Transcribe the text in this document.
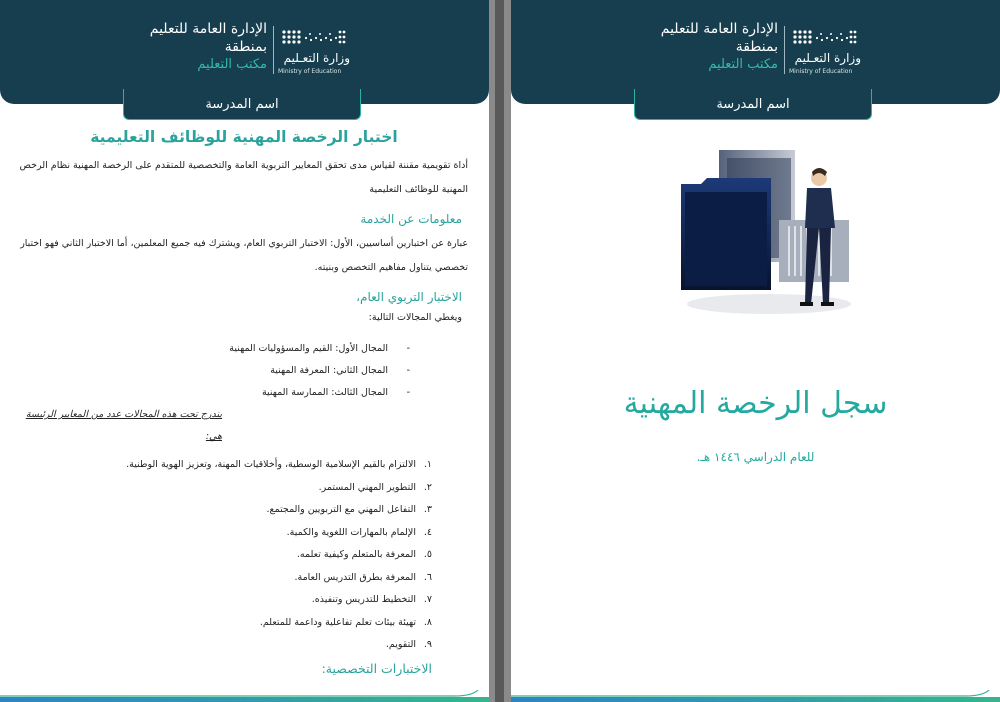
الإدارة العامة للتعليم
بمنطقة
مكتب التعليم	وزارة التعـليم
Ministry of Education
اسم المدرسة
اختبار الرخصة المهنية للوظائف التعليمية

أداة تقويمية مقننة لقياس مدى تحقق المعايير التربوية العامة والتخصصية للمتقدم على الرخصة المهنية نظام الرخص المهنية للوظائف التعليمية

معلومات عن الخدمة

عبارة عن اختبارين أساسيين، الأول: الاختبار التربوي العام، ويشترك فيه جميع المعلمين، أما الاختبار الثاني فهو اختبار تخصصي يتناول مفاهيم التخصص وبنيته.

الاختبار التربوي العام،

ويغطي المجالات التالية:

- المجال الأول: القيم والمسؤوليات المهنية
- المجال الثاني: المعرفة المهنية
- المجال الثالث: الممارسة المهنية
يندرج تحت هذه المجالات عدد من المعايير الرئيسة هي:
١.الالتزام بالقيم الإسلامية الوسطية، وأخلاقيات المهنة، وتعزيز الهوية الوطنية.
٢.التطوير المهني المستمر.
٣.التفاعل المهني مع التربويين والمجتمع.
٤.الإلمام بالمهارات اللغوية والكمية.
٥.المعرفة بالمتعلم وكيفية تعلمه.
٦.المعرفة بطرق التدريس العامة.
٧.التخطيط للتدريس وتنفيذه.
٨.تهيئة بيئات تعلم تفاعلية وداعمة للمتعلم.
٩.التقويم.
الاختبارات التخصصية:
الإدارة العامة للتعليم
بمنطقة
مكتب التعليم	وزارة التعـليم
Ministry of Education
اسم المدرسة
سجل الرخصة المهنية
للعام الدراسي ١٤٤٦ هـ.
